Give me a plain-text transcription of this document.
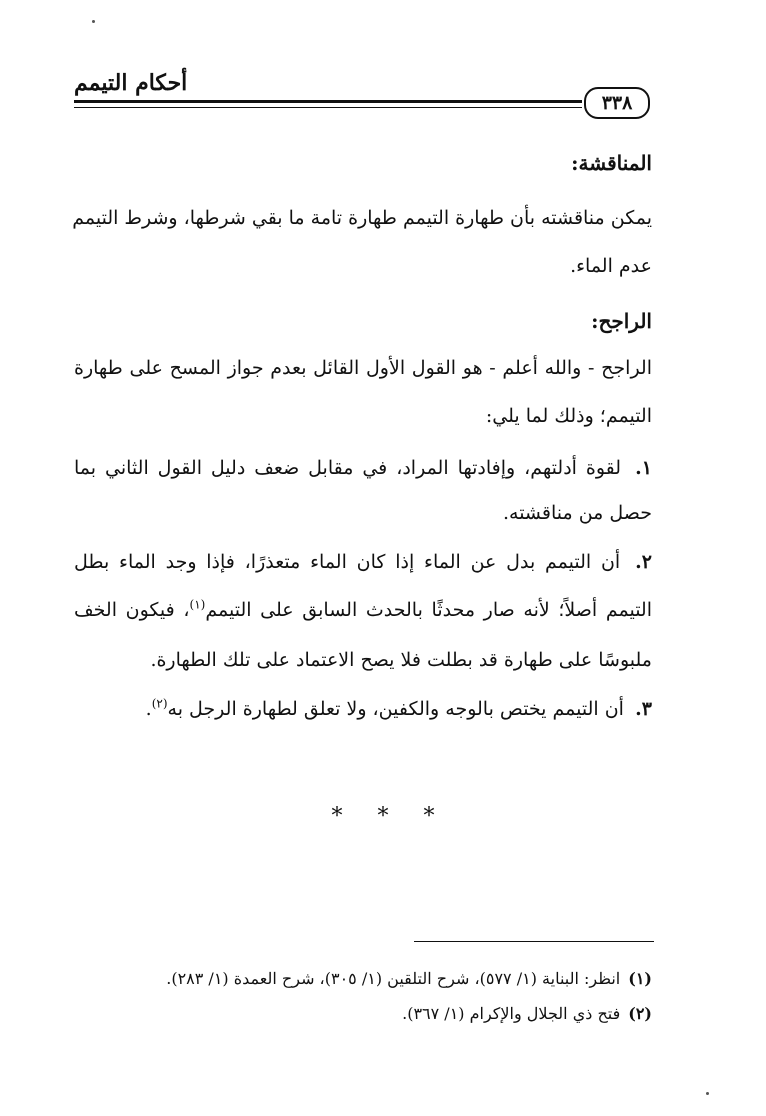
أحكام التيمم
٣٣٨
المناقشة:
يمكن مناقشته بأن طهارة التيمم طهارة تامة ما بقي شرطها، وشرط التيمم
عدم الماء.
الراجح:
الراجح - والله أعلم - هو القول الأول القائل بعدم جواز المسح على طهارة
التيمم؛ وذلك لما يلي:
١. لقوة أدلتهم، وإفادتها المراد، في مقابل ضعف دليل القول الثاني بما
حصل من مناقشته.
٢. أن التيمم بدل عن الماء إذا كان الماء متعذرًا، فإذا وجد الماء بطل
التيمم أصلاً؛ لأنه صار محدثًا بالحدث السابق على التيمم$^{(١)}$، فيكون الخف
ملبوسًا على طهارة قد بطلت فلا يصح الاعتماد على تلك الطهارة.
٣. أن التيمم يختص بالوجه والكفين، ولا تعلق لطهارة الرجل به$^{(٢)}$.
* * *
(١)انظر: البناية (١/ ٥٧٧)، شرح التلقين (١/ ٣٠٥)، شرح العمدة (١/ ٢٨٣).
(٢)فتح ذي الجلال والإكرام (١/ ٣٦٧).
